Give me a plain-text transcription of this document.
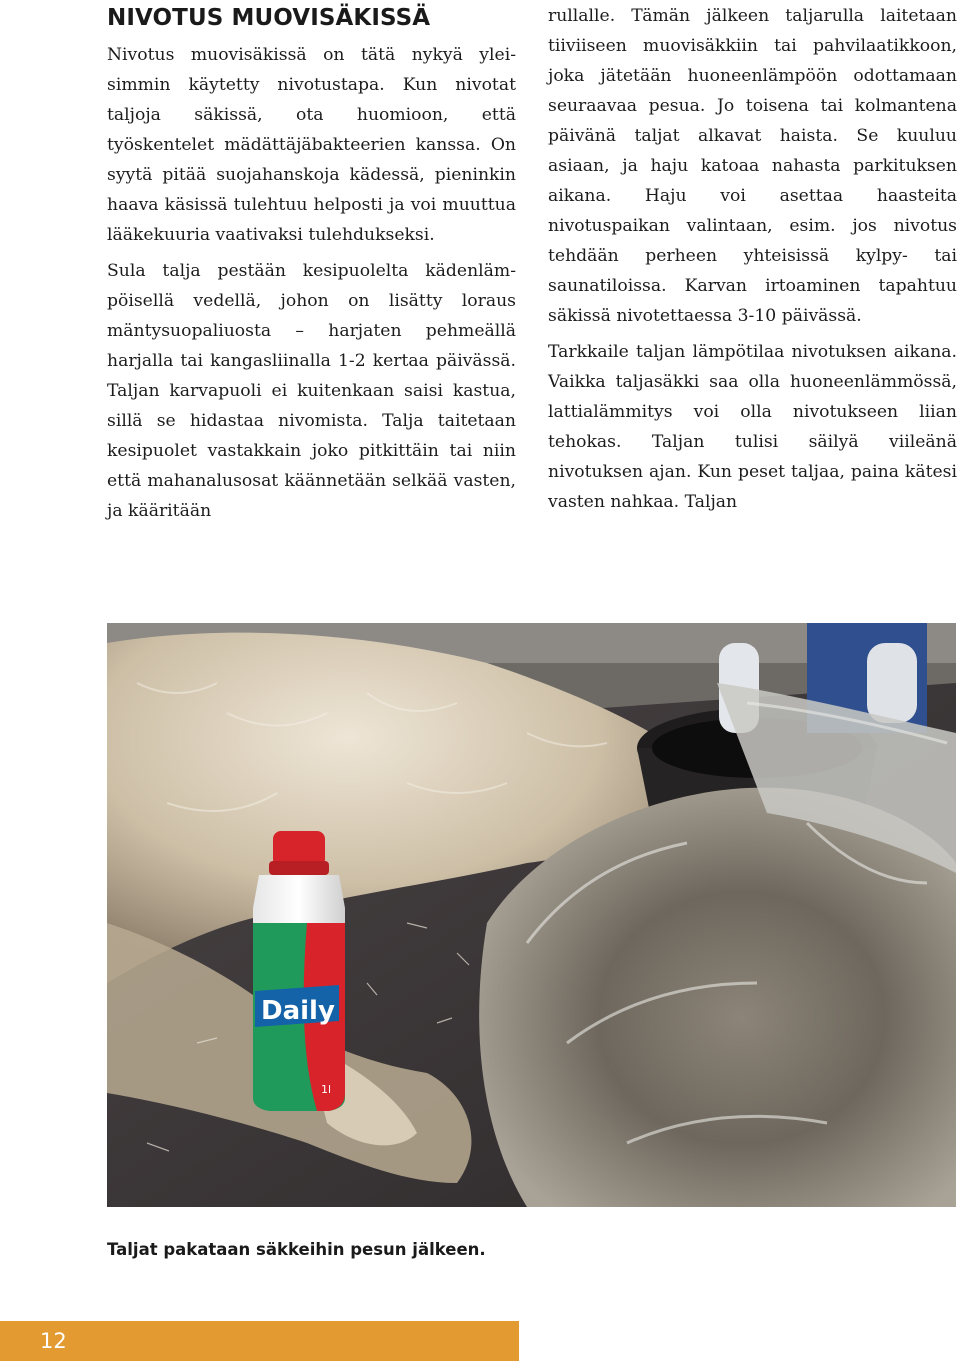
NIVOTUS MUOVISÄKISSÄ

Nivotus muovisäkissä on tätä nykyä yleisimmin käytetty nivotustapa. Kun nivotat taljoja säkissä, ota huomioon, että työskentelet mädättäjäbakteerien kanssa. On syytä pitää suojahanskoja kädessä, pieninkin haava käsissä tulehtuu helposti ja voi muuttua lääkekuuria vaativaksi tulehdukseksi.

Sula talja pestään kesipuolelta kädenlämpöisellä vedellä, johon on lisätty loraus mäntysuopaliuosta – harjaten pehmeällä harjalla tai kangasliinalla 1-2 kertaa päivässä. Taljan karvapuoli ei kuitenkaan saisi kastua, sillä se hidastaa nivomista. Talja taitetaan kesipuolet vastakkain joko pitkittäin tai niin että mahanalusosat käännetään selkää vasten, ja kääritään

rullalle. Tämän jälkeen taljarulla laitetaan tiiviiseen muovisäkkiin tai pahvilaatikkoon, joka jätetään huoneenlämpöön odottamaan seuraavaa pesua. Jo toisena tai kolmantena päivänä taljat alkavat haista. Se kuuluu asiaan, ja haju katoaa nahasta parkituksen aikana. Haju voi asettaa haasteita nivotuspaikan valintaan, esim. jos nivotus tehdään perheen yhteisissä kylpy- tai saunatiloissa. Karvan irtoaminen tapahtuu säkissä nivotettaessa 3-10 päivässä.

Tarkkaile taljan lämpötilaa nivotuksen aikana. Vaikka taljasäkki saa olla huoneenlämmössä, lattialämmitys voi olla nivotukseen liian tehokas. Taljan tulisi säilyä viileänä nivotuksen ajan. Kun peset taljaa, paina kätesi vasten nahkaa. Taljan

Daily
1l

Taljat pakataan säkkeihin pesun jälkeen.

12
